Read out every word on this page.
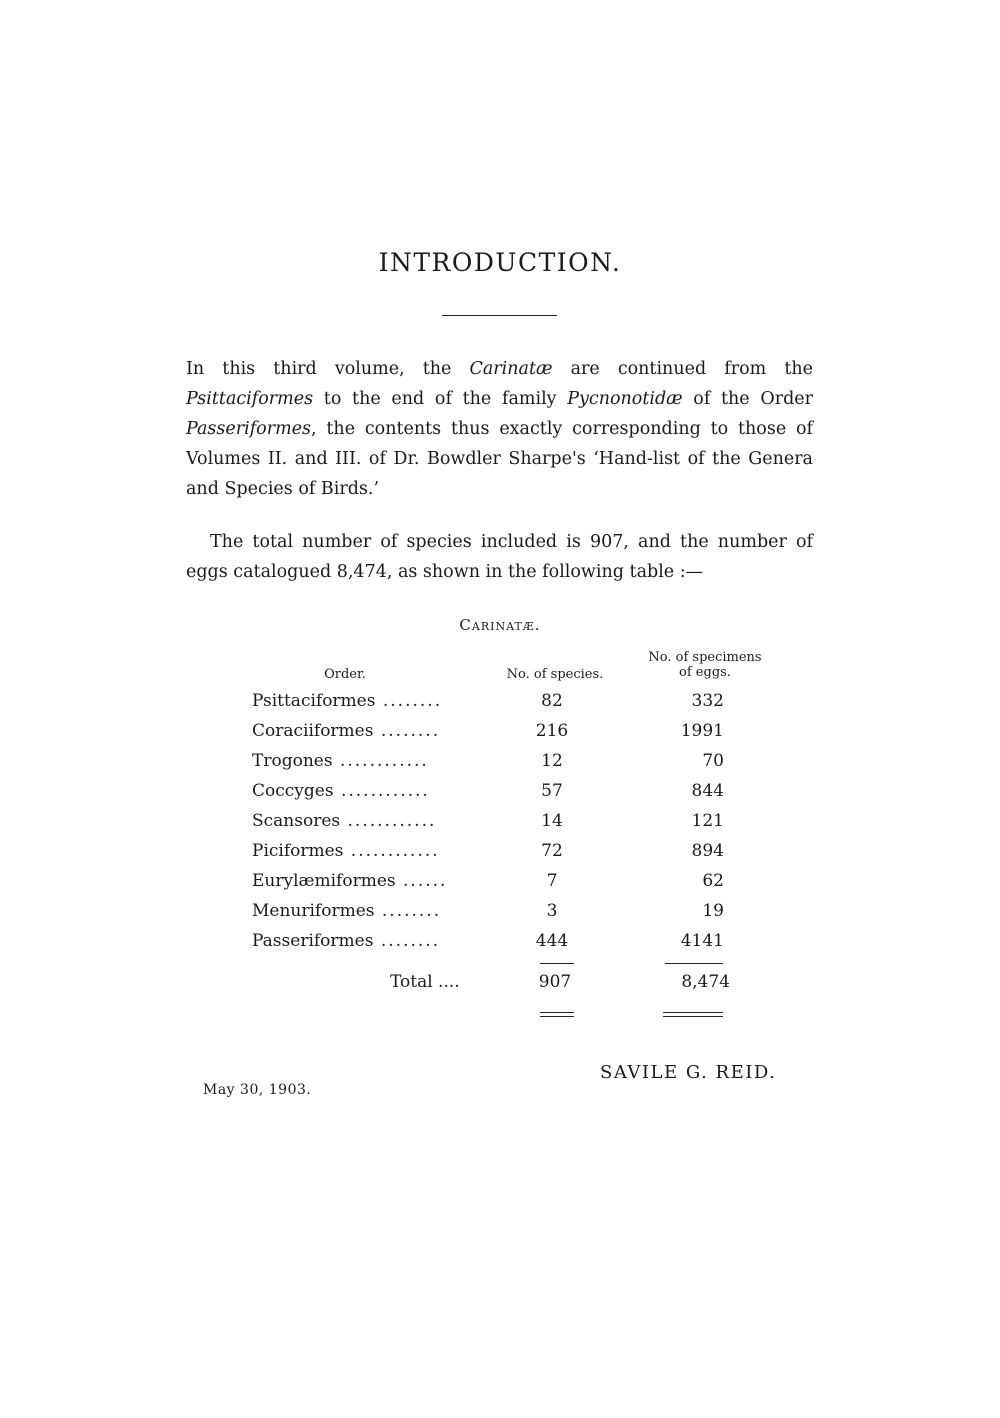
INTRODUCTION.
In this third volume, the Carinatæ are continued from the Psittaciformes to the end of the family Pycnonotidæ of the Order Passeriformes, the contents thus exactly corresponding to those of Volumes II. and III. of Dr. Bowdler Sharpe's ‘Hand-list of the Genera and Species of Birds.’
The total number of species included is 907, and the number of eggs catalogued 8,474, as shown in the following table :—
Carinatæ.
Order.	No. of species.
No. of specimens
of eggs.
Psittaciformes ........	82	332
Coraciiformes ........	216	1991
Trogones ............	12	70
Coccyges ............	57	844
Scansores ............	14	121
Piciformes ............	72	894
Eurylæmiformes ......	7	62
Menuriformes ........	3	19
Passeriformes ........	444	4141
Total ....	907	8,474
SAVILE G. REID.
May 30, 1903.
